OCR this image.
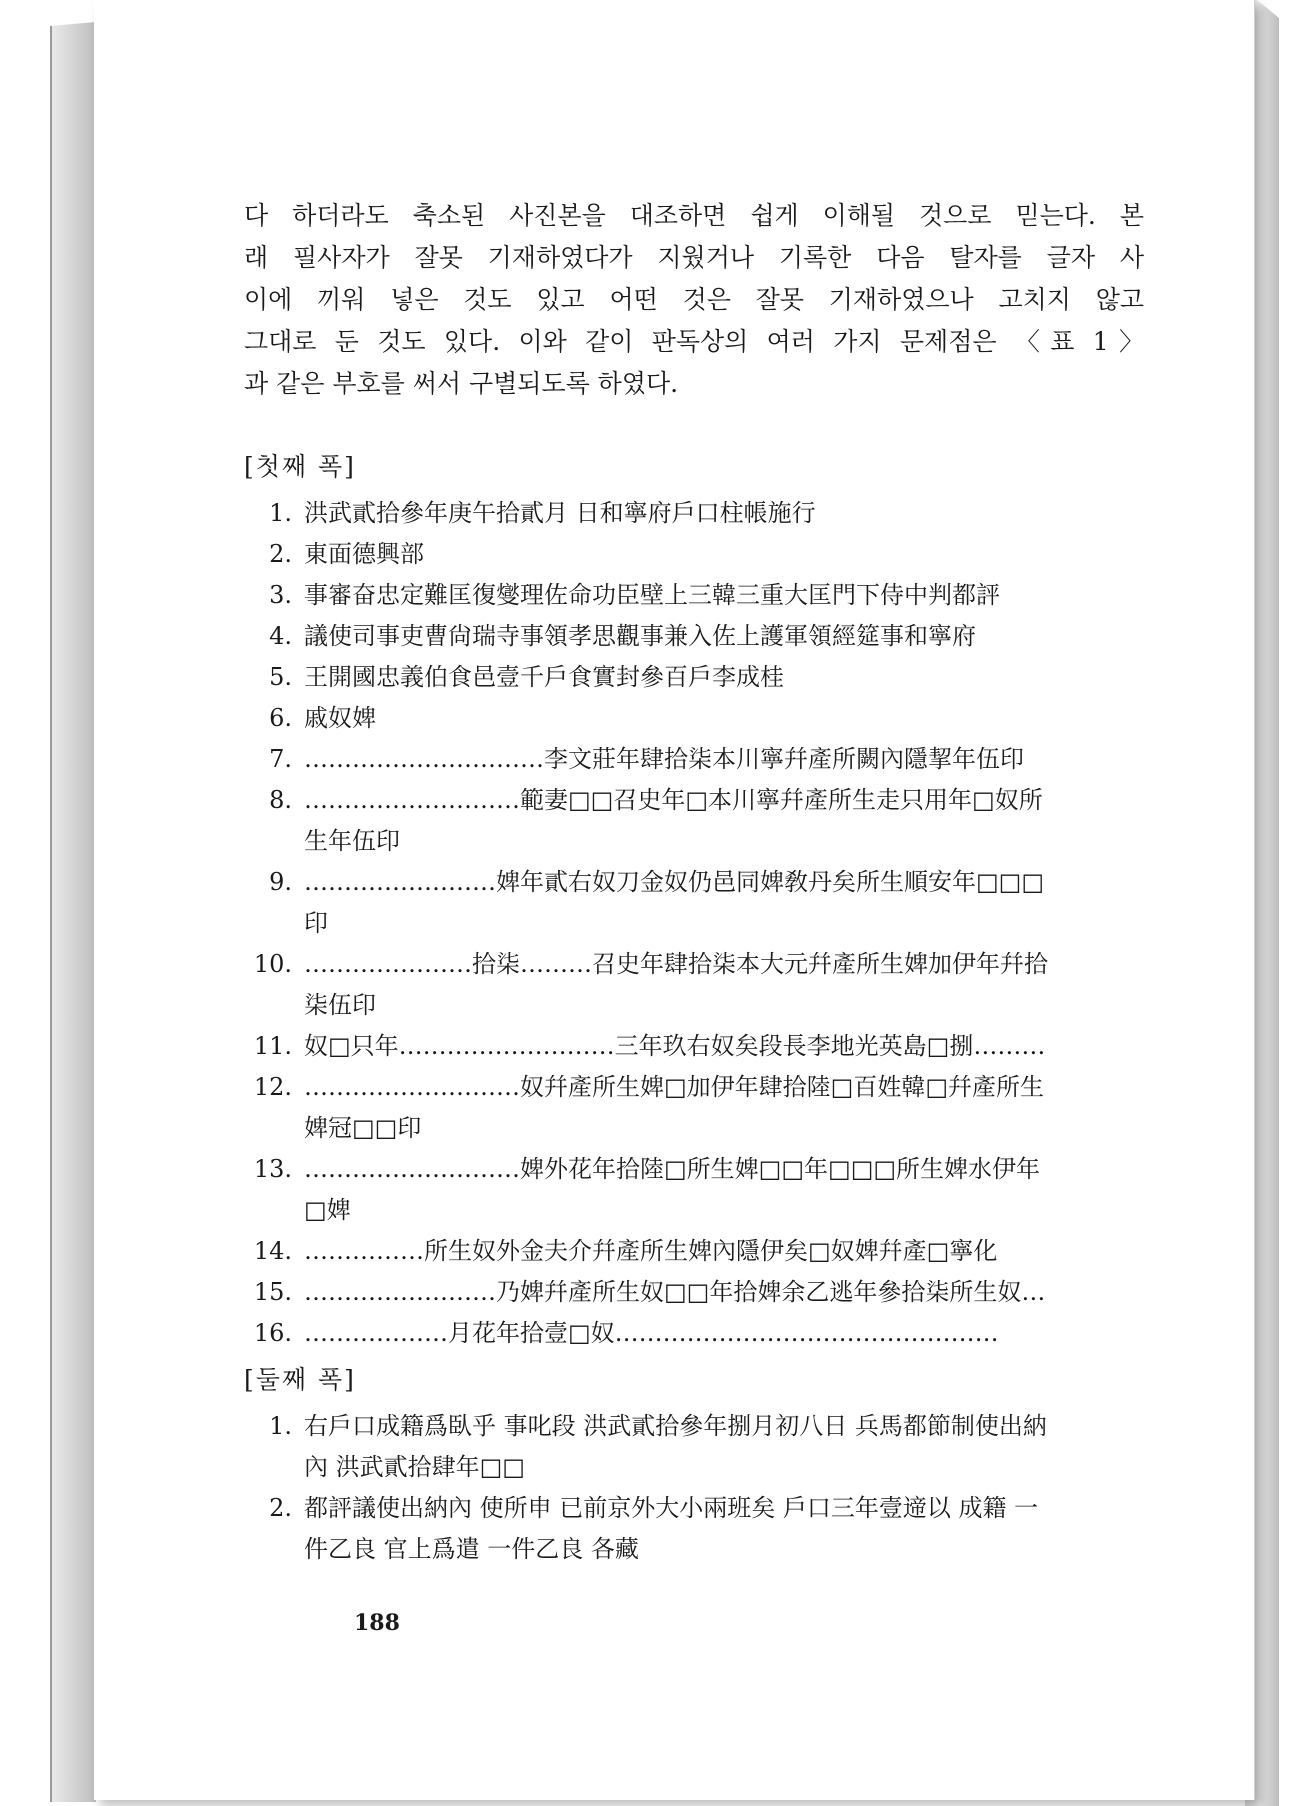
다 하더라도 축소된 사진본을 대조하면 쉽게 이해될 것으로 믿는다. 본
래 필사자가 잘못 기재하였다가 지웠거나 기록한 다음 탈자를 글자 사
이에 끼워 넣은 것도 있고 어떤 것은 잘못 기재하였으나 고치지 않고
그대로 둔 것도 있다. 이와 같이 판독상의 여러 가지 문제점은 〈표 1〉
과 같은 부호를 써서 구별되도록 하였다.
[첫째 폭]
1. 洪武貳拾參年庚午拾貳月 日和寧府戶口柱帳施行
2. 東面德興部
3. 事審奋忠定難匡復燮理佐命功臣壁上三韓三重大匡門下侍中判都評
4. 議使司事吏曹尙瑞寺事領孝思觀事兼入佐上護軍領經筵事和寧府
5. 王開國忠義伯食邑壹千戶食實封參百戶李成桂
6. 戚奴婢
7. …………………………李文莊年肆拾柒本川寧幷產所闕內隱挈年伍印
8. ………………………範妻□□召史年□本川寧幷產所生走只用年□奴所
生年伍印
9. ……………………婢年貳右奴刀金奴仍邑同婢敎丹矣所生順安年□□□
印
10. …………………拾柒………召史年肆拾柒本大元幷產所生婢加伊年幷拾
柒伍印
11. 奴□只年………………………三年玖右奴矣段長李地光英島□捌………
12. ………………………奴幷產所生婢□加伊年肆拾陸□百姓韓□幷產所生
婢冠□□印
13. ………………………婢外花年拾陸□所生婢□□年□□□所生婢水伊年
□婢
14. ……………所生奴外金夫介幷產所生婢內隱伊矣□奴婢幷產□寧化
15. ……………………乃婢幷產所生奴□□年拾婢余乙逃年參拾柒所生奴…
16. ………………月花年拾壹□奴…………………………………………
[둘째 폭]
1. 右戶口成籍爲臥乎 事叱段 洪武貳拾參年捌月初八日 兵馬都節制使出納
內 洪武貳拾肆年□□
2. 都評議使出納內 使所申 已前京外大小兩班矣 戶口三年壹遆以 成籍 一
件乙良 官上爲遣 一件乙良 各藏
188
